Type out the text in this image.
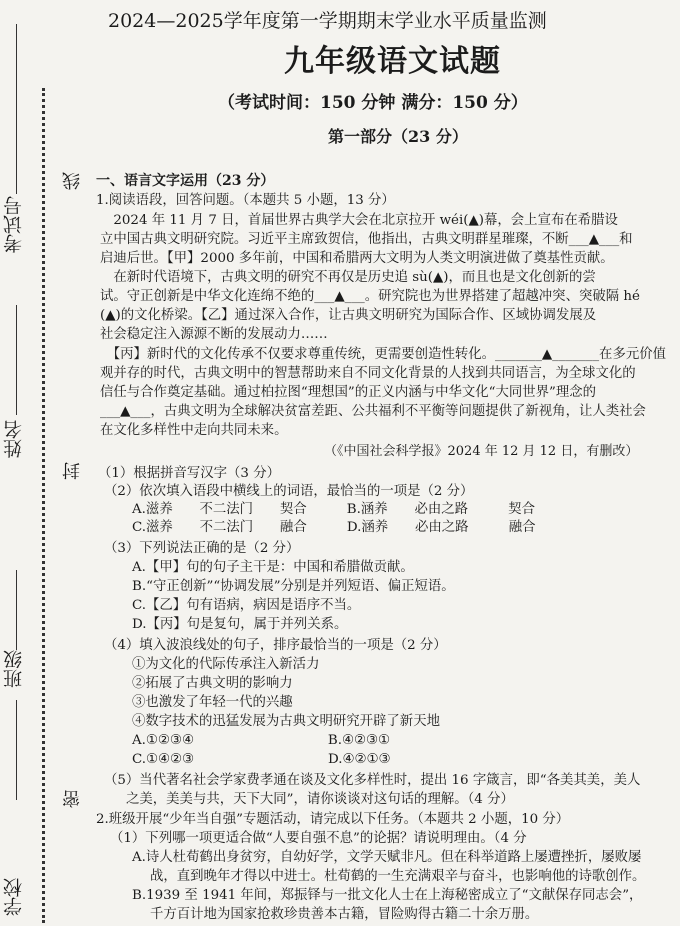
考试号
姓名
班级
学校
线
封
密
2024—2025学年度第一学期期末学业水平质量监测
九年级语文试题
（考试时间：150 分钟 满分：150 分）
第一部分（23 分）
一、语言文字运用（23 分）
1.阅读语段，回答问题。（本题共 5 小题，13 分）
　2024 年 11 月 7 日，首届世界古典学大会在北京拉开 wéi(▲)幕，会上宣布在希腊设
立中国古典文明研究院。习近平主席致贺信，他指出，古典文明群星璀璨，不断___▲___和
启迪后世。【甲】2000 多年前，中国和希腊两大文明为人类文明演进做了奠基性贡献。
　在新时代语境下，古典文明的研究不再仅是历史追 sù(▲)，而且也是文化创新的尝
试。守正创新是中华文化连绵不绝的___▲___。研究院也为世界搭建了超越冲突、突破隔 hé
(▲)的文化桥梁。【乙】通过深入合作，让古典文明研究为国际合作、区域协调发展及
社会稳定注入源源不断的发展动力……
　【丙】新时代的文化传承不仅要求尊重传统，更需要创造性转化。_______▲_______在多元价值
观并存的时代，古典文明中的智慧帮助来自不同文化背景的人找到共同语言，为全球文化的
信任与合作奠定基础。通过柏拉图“理想国”的正义内涵与中华文化“大同世界”理念的
___▲___，古典文明为全球解决贫富差距、公共福利不平衡等问题提供了新视角，让人类社会
在文化多样性中走向共同未来。
（《中国社会科学报》2024 年 12 月 12 日，有删改）
（1）根据拼音写汉字（3 分）
（2）依次填入语段中横线上的词语，最恰当的一项是（2 分）
A.滋养　　不二法门　　契合　　　B.涵养　　必由之路　　　契合
C.滋养　　不二法门　　融合　　　D.涵养　　必由之路　　　融合
（3）下列说法正确的是（2 分）
A.【甲】句的句子主干是：中国和希腊做贡献。
B.“守正创新”“协调发展”分别是并列短语、偏正短语。
C.【乙】句有语病，病因是语序不当。
D.【丙】句是复句，属于并列关系。
（4）填入波浪线处的句子，排序最恰当的一项是（2 分）
①为文化的代际传承注入新活力
②拓展了古典文明的影响力
③也激发了年轻一代的兴趣
④数字技术的迅猛发展为古典文明研究开辟了新天地
A.①②③④　　　　　　　　　　B.④②③①
C.①④②③　　　　　　　　　　D.④②①③
（5）当代著名社会学家费孝通在谈及文化多样性时，提出 16 字箴言，即“各美其美，美人
之美，美美与共，天下大同”，请你谈谈对这句话的理解。（4 分）
2.班级开展“少年当自强”专题活动，请完成以下任务。（本题共 2 小题，10 分）
（1）下列哪一项更适合做“人要自强不息”的论据？请说明理由。（4 分
A.诗人杜荀鹤出身贫穷，自幼好学，文学天赋非凡。但在科举道路上屡遭挫折，屡败屡
战，直到晚年才得以中进士。杜荀鹤的一生充满艰辛与奋斗，也影响他的诗歌创作。
B.1939 至 1941 年间，郑振铎与一批文化人士在上海秘密成立了“文献保存同志会”，
千方百计地为国家抢救珍贵善本古籍，冒险购得古籍二十余万册。
